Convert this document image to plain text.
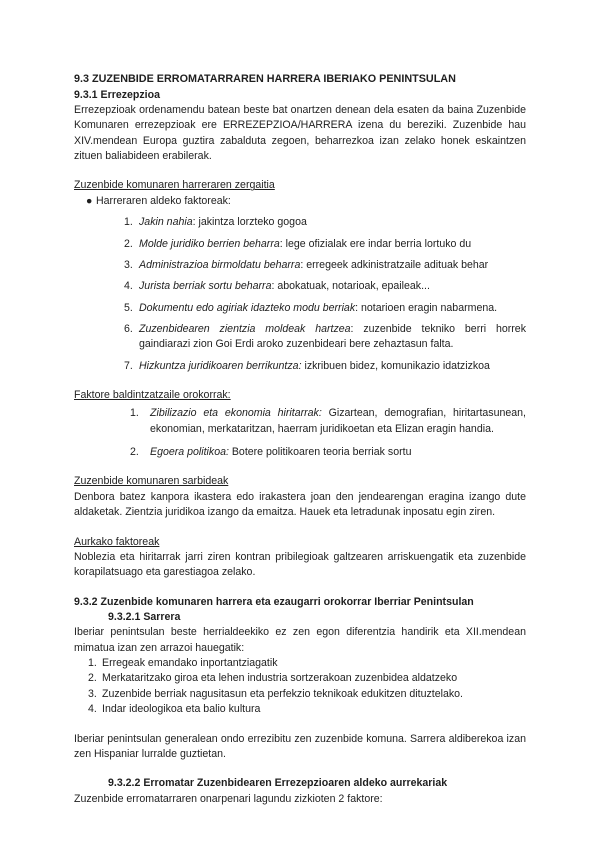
9.3 ZUZENBIDE ERROMATARRAREN HARRERA IBERIAKO PENINTSULAN

9.3.1 Errezepzioa

Errezepzioak ordenamendu batean beste bat onartzen denean dela esaten da baina Zuzenbide Komunaren errezepzioak ere ERREZEPZIOA/HARRERA izena du bereziki. Zuzenbide hau XIV.mendean Europa guztira zabalduta zegoen, beharrezkoa izan zelako honek eskaintzen zituen baliabideen erabilerak.

Zuzenbide komunaren harreraren zergaitia

● Harreraren aldeko faktoreak:
1. Jakin nahia: jakintza lorzteko gogoa
2. Molde juridiko berrien beharra: lege ofizialak ere indar berria lortuko du
3. Administrazioa birmoldatu beharra: erregeek adkinistratzaile adituak behar
4. Jurista berriak sortu beharra: abokatuak, notarioak, epaileak...
5. Dokumentu edo agiriak idazteko modu berriak: notarioen eragin nabarmena.
6. Zuzenbidearen zientzia moldeak hartzea: zuzenbide tekniko berri horrek gaindiarazi zion Goi Erdi aroko zuzenbideari bere zehaztasun falta.
7. Hizkuntza juridikoaren berrikuntza: izkribuen bidez, komunikazio idatzizkoa

Faktore baldintzatzaile orokorrak:

1. Zibilizazio eta ekonomia hiritarrak: Gizartean, demografian, hiritartasunean, ekonomian, merkataritzan, haerram juridikoetan eta Elizan eragin handia.
2. Egoera politikoa: Botere politikoaren teoria berriak sortu

Zuzenbide komunaren sarbideak

Denbora batez kanpora ikastera edo irakastera joan den jendearengan eragina izango dute aldaketak. Zientzia juridikoa izango da emaitza. Hauek eta letradunak inposatu egin ziren.

Aurkako faktoreak

Noblezia eta hiritarrak jarri ziren kontran pribilegioak galtzearen arriskuengatik eta zuzenbide korapilatsuago eta garestiagoa zelako.

9.3.2 Zuzenbide komunaren harrera eta ezaugarri orokorrar Iberriar Penintsulan

9.3.2.1 Sarrera

Iberiar penintsulan beste herrialdeekiko ez zen egon diferentzia handirik eta XII.mendean mimatua izan zen arrazoi hauegatik:

1. Erregeak emandako inportantziagatik
2. Merkataritzako giroa eta lehen industria sortzerakoan zuzenbidea aldatzeko
3. Zuzenbide berriak nagusitasun eta perfekzio teknikoak edukitzen dituztelako.
4. Indar ideologikoa eta balio kultura

Iberiar penintsulan generalean ondo errezibitu zen zuzenbide komuna. Sarrera aldiberekoa izan zen Hispaniar lurralde guztietan.

9.3.2.2 Erromatar Zuzenbidearen Errezepzioaren aldeko aurrekariak

Zuzenbide erromatarraren onarpenari lagundu zizkioten 2 faktore:
